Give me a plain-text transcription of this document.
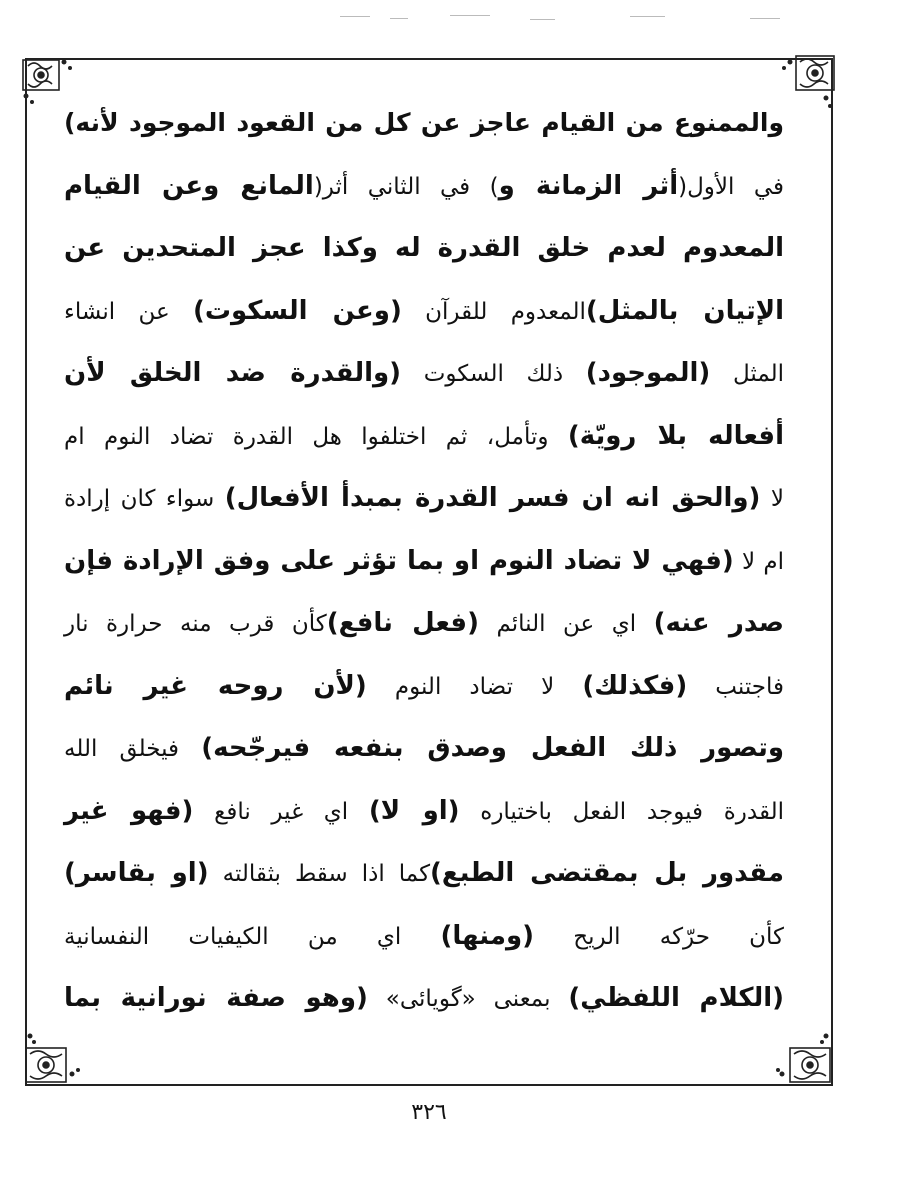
والممنوع من القيام عاجز عن كل من القعود الموجود لأنه)
في الأول(أثر الزمانة و) في الثاني أثر(المانع وعن القيام
المعدوم لعدم خلق القدرة له وكذا عجز المتحدين عن
الإتيان بالمثل)المعدوم للقرآن (وعن السكوت) عن انشاء
المثل (الموجود) ذلك السكوت (والقدرة ضد الخلق لأن
أفعاله بلا رويّة) وتأمل، ثم اختلفوا هل القدرة تضاد النوم ام
لا (والحق انه ان فسر القدرة بمبدأ الأفعال) سواء كان إرادة
ام لا (فهي لا تضاد النوم او بما تؤثر على وفق الإرادة فإن
صدر عنه) اي عن النائم (فعل نافع)كأن قرب منه حرارة نار
فاجتنب (فكذلك) لا تضاد النوم (لأن روحه غير نائم
وتصور ذلك الفعل وصدق بنفعه فيرجّحه) فيخلق الله
القدرة فيوجد الفعل باختياره (او لا) اي غير نافع (فهو غير
مقدور بل بمقتضى الطبع)كما اذا سقط بثقالته (او بقاسر)
كأن حرّكه الريح (ومنها) اي من الكيفيات النفسانية
(الكلام اللفظي) بمعنى «گويائى» (وهو صفة نورانية بما
٣٢٦
